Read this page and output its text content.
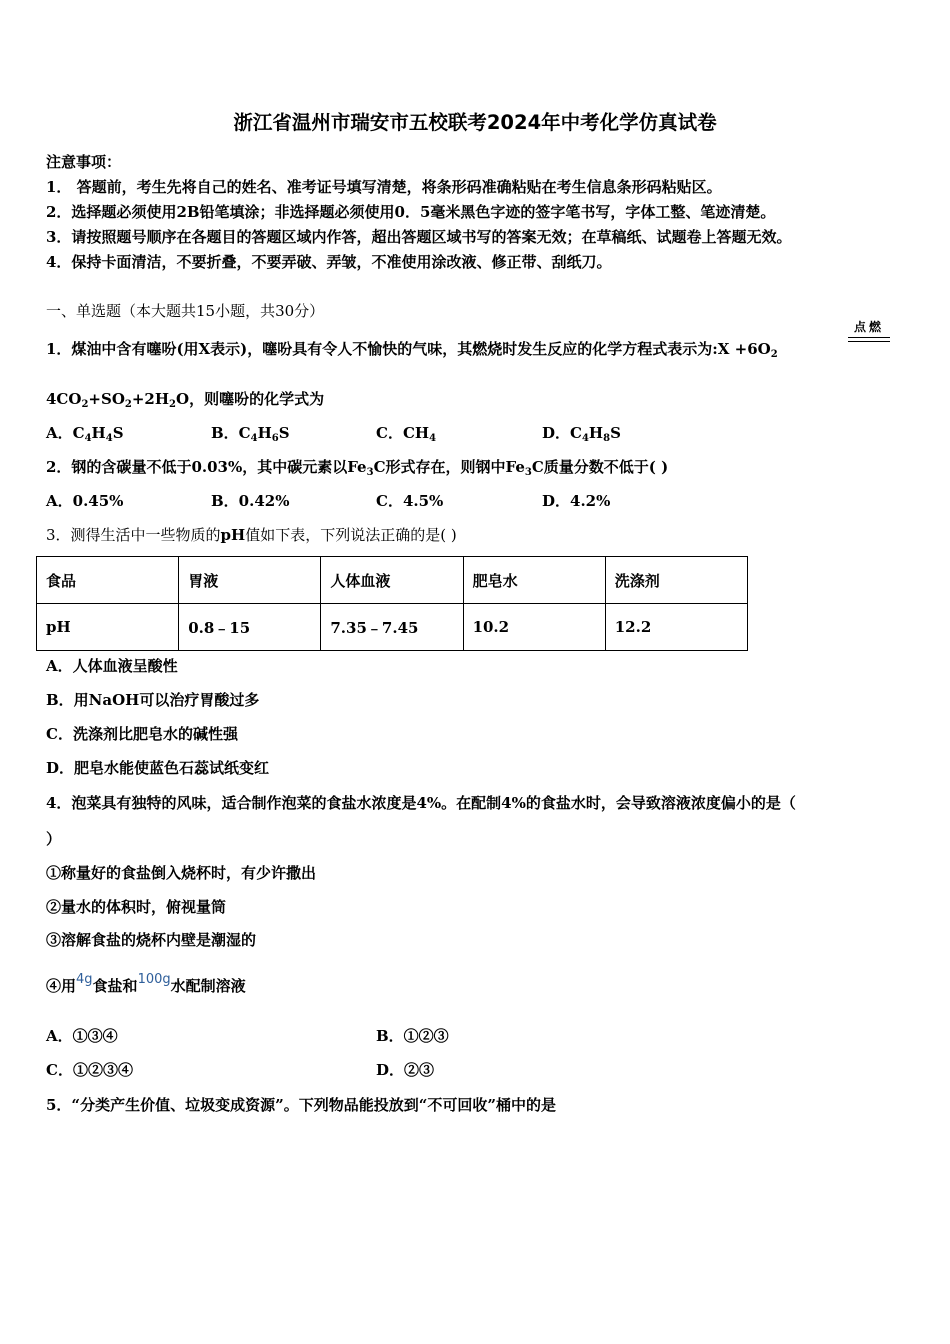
浙江省温州市瑞安市五校联考2024年中考化学仿真试卷
注意事项：
1． 答题前，考生先将自己的姓名、准考证号填写清楚，将条形码准确粘贴在考生信息条形码粘贴区。
2．选择题必须使用2B铅笔填涂；非选择题必须使用0．5毫米黑色字迹的签字笔书写，字体工整、笔迹清楚。
3．请按照题号顺序在各题目的答题区域内作答，超出答题区域书写的答案无效；在草稿纸、试题卷上答题无效。
4．保持卡面清洁，不要折叠，不要弄破、弄皱，不准使用涂改液、修正带、刮纸刀。
一、单选题（本大题共15小题，共30分）
1．煤油中含有噻吩(用X表示)，噻吩具有令人不愉快的气味，其燃烧时发生反应的化学方程式表示为:X $+6O_2$
点燃
$4CO_2+SO_2+2H_2O$，则噻吩的化学式为
A．$C_4H_4S$	B．$C_4H_6S$	C．$CH_4$	D．$C_4H_8S$
2．钢的含碳量不低于0.03%，其中碳元素以$Fe_3C$形式存在，则钢中$Fe_3C$质量分数不低于( )
A．0.45%	B．0.42%	C．4.5%	D．4.2%
3．测得生活中一些物质的pH值如下表，下列说法正确的是( )
食品	胃液	人体血液	肥皂水	洗涤剂
pH	0.8﹣15	7.35﹣7.45	10.2	12.2
A．人体血液呈酸性
B．用NaOH可以治疗胃酸过多
C．洗涤剂比肥皂水的碱性强
D．肥皂水能使蓝色石蕊试纸变红
4．泡菜具有独特的风味，适合制作泡菜的食盐水浓度是4%。在配制4%的食盐水时，会导致溶液浓度偏小的是（
）
①称量好的食盐倒入烧杯时，有少许撒出
②量水的体积时，俯视量筒
③溶解食盐的烧杯内壁是潮湿的
④用4g食盐和100g水配制溶液
A．①③④	B．①②③
C．①②③④	D．②③
5．“分类产生价值、垃圾变成资源”。下列物品能投放到“不可回收”桶中的是
